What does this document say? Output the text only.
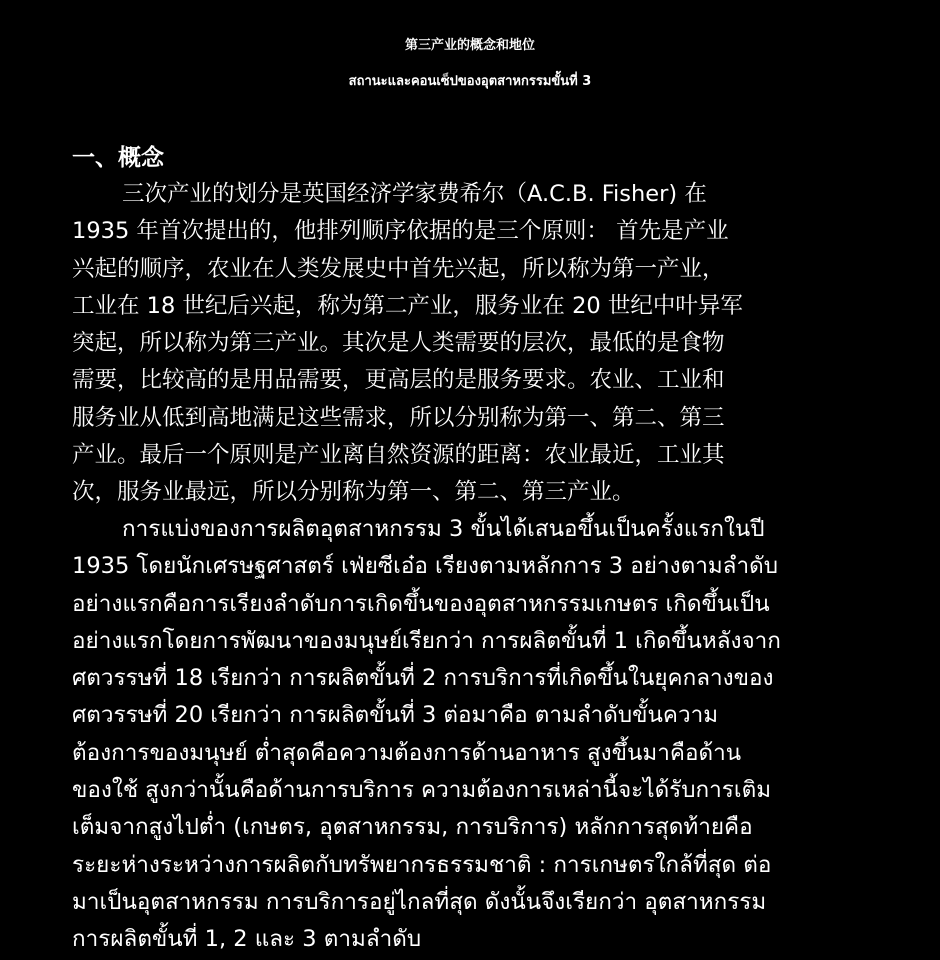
第三产业的概念和地位
สถานะและคอนเซ็ปของอุตสาหกรรมขั้นที่ 3
一、概念
三次产业的划分是英国经济学家费希尔（A.C.B. Fisher) 在
1935 年首次提出的，他排列顺序依据的是三个原则： 首先是产业
兴起的顺序，农业在人类发展史中首先兴起，所以称为第一产业，
工业在 18 世纪后兴起，称为第二产业，服务业在 20 世纪中叶异军
突起，所以称为第三产业。其次是人类需要的层次，最低的是食物
需要，比较高的是用品需要，更高层的是服务要求。农业、工业和
服务业从低到高地满足这些需求，所以分别称为第一、第二、第三
产业。最后一个原则是产业离自然资源的距离：农业最近，工业其
次，服务业最远，所以分别称为第一、第二、第三产业。
การแบ่งของการผลิตอุตสาหกรรม 3 ขั้นได้เสนอขึ้นเป็นครั้งแรกในปี
1935 โดยนักเศรษฐศาสตร์ เฟ่ยซีเอ๋อ เรียงตามหลักการ 3 อย่างตามลำดับ
อย่างแรกคือการเรียงลำดับการเกิดขึ้นของอุตสาหกรรมเกษตร เกิดขึ้นเป็น
อย่างแรกโดยการพัฒนาของมนุษย์เรียกว่า การผลิตขั้นที่ 1 เกิดขึ้นหลังจาก
ศตวรรษที่ 18 เรียกว่า การผลิตขั้นที่ 2 การบริการที่เกิดขึ้นในยุคกลางของ
ศตวรรษที่ 20 เรียกว่า การผลิตขั้นที่ 3 ต่อมาคือ ตามลำดับขั้นความ
ต้องการของมนุษย์ ต่ำสุดคือความต้องการด้านอาหาร สูงขึ้นมาคือด้าน
ของใช้ สูงกว่านั้นคือด้านการบริการ ความต้องการเหล่านี้จะได้รับการเติม
เต็มจากสูงไปต่ำ (เกษตร, อุตสาหกรรม, การบริการ) หลักการสุดท้ายคือ
ระยะห่างระหว่างการผลิตกับทรัพยากรธรรมชาติ : การเกษตรใกล้ที่สุด ต่อ
มาเป็นอุตสาหกรรม การบริการอยู่ไกลที่สุด ดังนั้นจึงเรียกว่า อุตสาหกรรม
การผลิตขั้นที่ 1, 2 และ 3 ตามลำดับ
